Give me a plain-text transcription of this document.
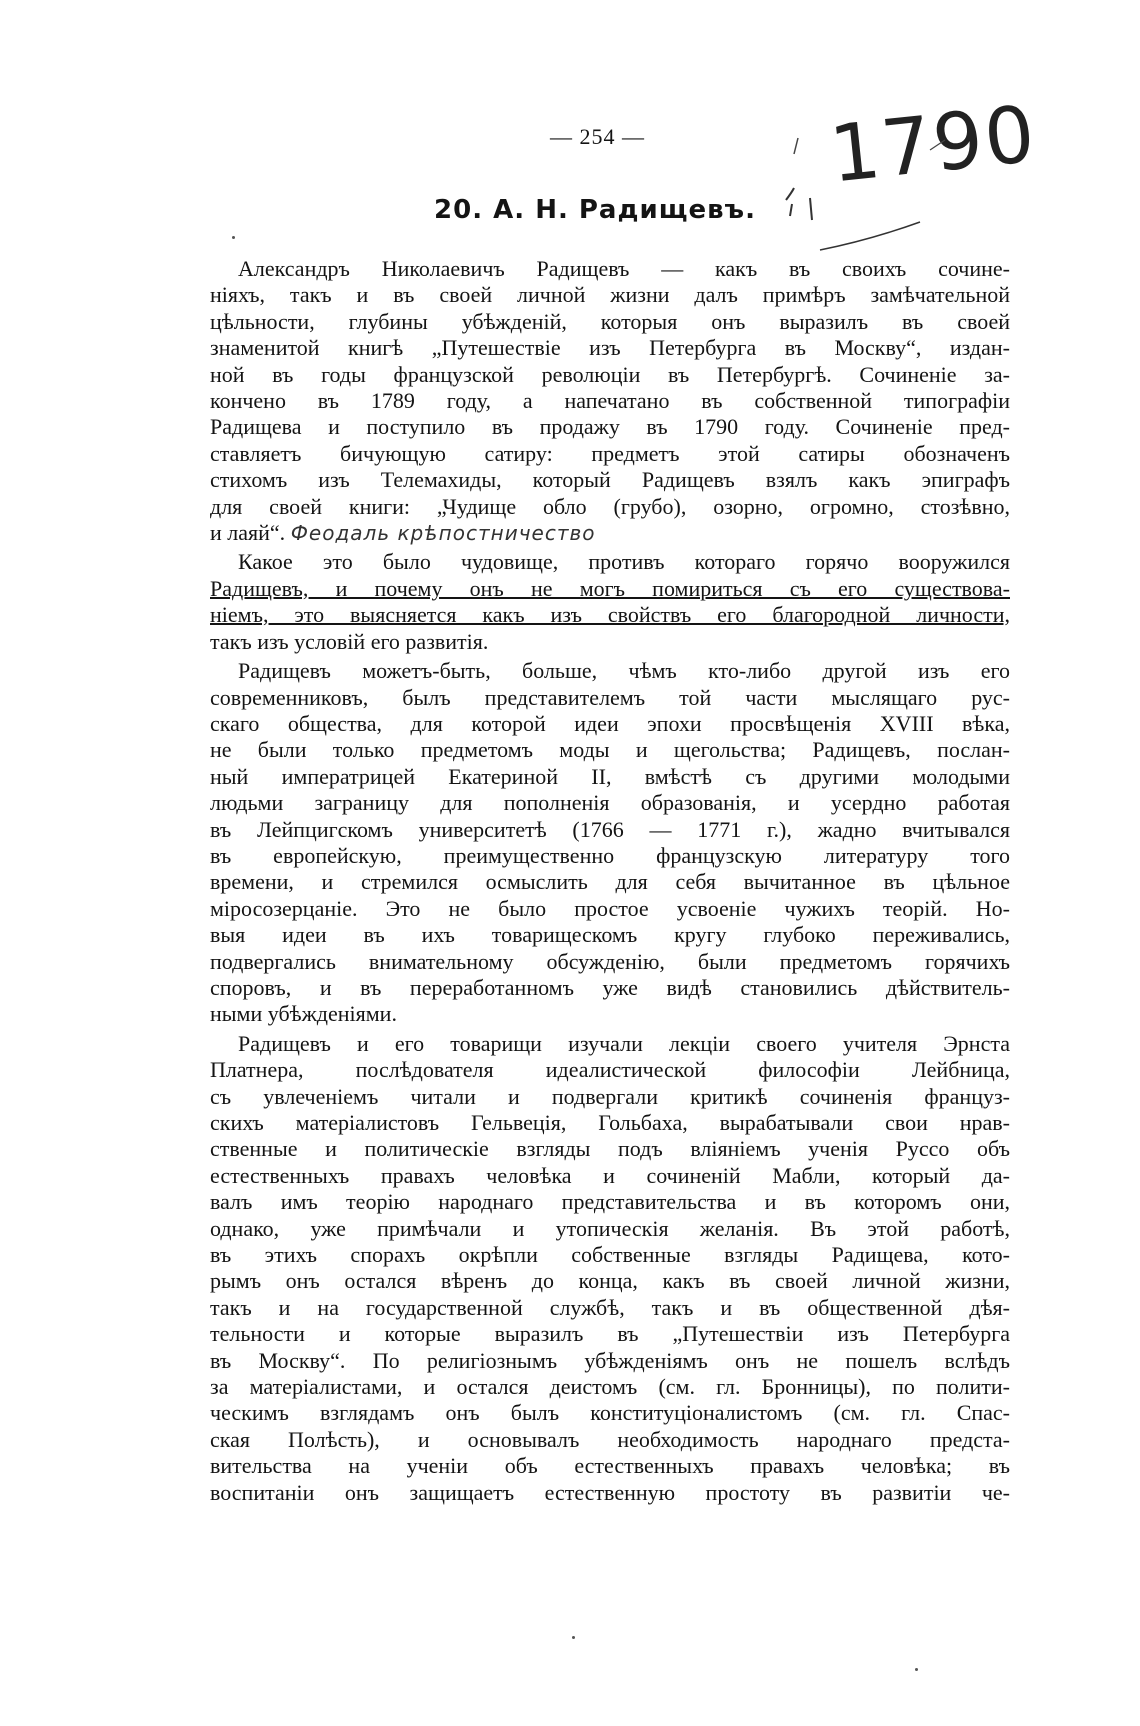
— 254 —	1790
20. А. Н. Радищевъ.
Александръ Николаевичъ Радищевъ — какъ въ своихъ сочине-
ніяхъ, такъ и въ своей личной жизни далъ примѣръ замѣчательной
цѣльности, глубины убѣжденій, которыя онъ выразилъ въ своей
знаменитой книгѣ „Путешествіе изъ Петербурга въ Москву“, издан-
ной въ годы французской революціи въ Петербургѣ. Сочиненіе за-
кончено въ 1789 году, а напечатано въ собственной типографіи
Радищева и поступило въ продажу въ 1790 году. Сочиненіе пред-
ставляетъ бичующую сатиру: предметъ этой сатиры обозначенъ
стихомъ изъ Телемахиды, который Радищевъ взялъ какъ эпиграфъ
для своей книги: „Чудище обло (грубо), озорно, огромно, стозѣвно,
и лаяй“. Феодаль крѣпостничество
Какое это было чудовище, противъ котораго горячо вооружился
Радищевъ, и почему онъ не могъ помириться съ его существова-
ніемъ, это выясняется какъ изъ свойствъ его благородной личности,
такъ изъ условій его развитія.
Радищевъ можетъ-быть, больше, чѣмъ кто-либо другой изъ его
современниковъ, былъ представителемъ той части мыслящаго рус-
скаго общества, для которой идеи эпохи просвѣщенія XVIII вѣка,
не были только предметомъ моды и щегольства; Радищевъ, послан-
ный императрицей Екатериной II, вмѣстѣ съ другими молодыми
людьми заграницу для пополненія образованія, и усердно работая
въ Лейпцигскомъ университетѣ (1766 — 1771 г.), жадно вчитывался
въ европейскую, преимущественно французскую литературу того
времени, и стремился осмыслить для себя вычитанное въ цѣльное
міросозерцаніе. Это не было простое усвоеніе чужихъ теорій. Но-
выя идеи въ ихъ товарищескомъ кругу глубоко переживались,
подвергались внимательному обсужденію, были предметомъ горячихъ
споровъ, и въ переработанномъ уже видѣ становились дѣйствитель-
ными убѣжденіями.
Радищевъ и его товарищи изучали лекціи своего учителя Эрнста
Платнера, послѣдователя идеалистической философіи Лейбница,
съ увлеченіемъ читали и подвергали критикѣ сочиненія француз-
скихъ матеріалистовъ Гельвеція, Гольбаха, вырабатывали свои нрав-
ственные и политическіе взгляды подъ вліяніемъ ученія Руссо объ
естественныхъ правахъ человѣка и сочиненій Мабли, который да-
валъ имъ теорію народнаго представительства и въ которомъ они,
однако, уже примѣчали и утопическія желанія. Въ этой работѣ,
въ этихъ спорахъ окрѣпли собственные взгляды Радищева, кото-
рымъ онъ остался вѣренъ до конца, какъ въ своей личной жизни,
такъ и на государственной службѣ, такъ и въ общественной дѣя-
тельности и которые выразилъ въ „Путешествіи изъ Петербурга
въ Москву“. По религіознымъ убѣжденіямъ онъ не пошелъ вслѣдъ
за матеріалистами, и остался деистомъ (см. гл. Бронницы), по полити-
ческимъ взглядамъ онъ былъ конституціоналистомъ (см. гл. Спас-
ская Полѣсть), и основывалъ необходимость народнаго предста-
вительства на ученіи объ естественныхъ правахъ человѣка; въ
воспитаніи онъ защищаетъ естественную простоту въ развитіи че-
